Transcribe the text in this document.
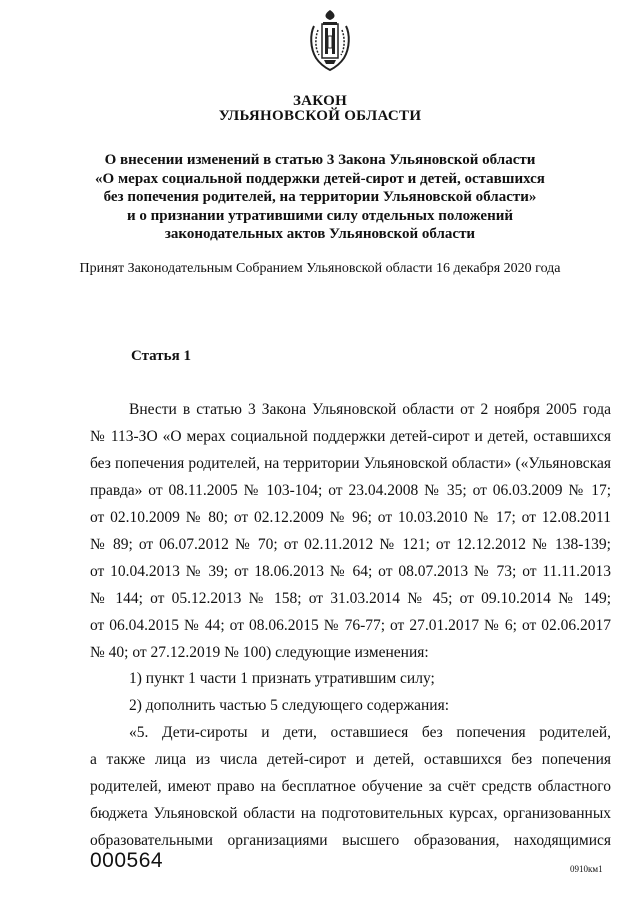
ЗАКОН
УЛЬЯНОВСКОЙ ОБЛАСТИ
О внесении изменений в статью 3 Закона Ульяновской области
«О мерах социальной поддержки детей-сирот и детей, оставшихся
без попечения родителей, на территории Ульяновской области»
и о признании утратившими силу отдельных положений
законодательных актов Ульяновской области
Принят Законодательным Собранием Ульяновской области 16 декабря 2020 года
Статья 1
Внести в статью 3 Закона Ульяновской области от 2 ноября 2005 года
№ 113-ЗО «О мерах социальной поддержки детей-сирот и детей, оставшихся
без попечения родителей, на территории Ульяновской области» («Ульяновская
правда» от 08.11.2005 № 103-104; от 23.04.2008 № 35; от 06.03.2009 № 17;
от 02.10.2009 № 80; от 02.12.2009 № 96; от 10.03.2010 № 17; от 12.08.2011
№ 89; от 06.07.2012 № 70; от 02.11.2012 № 121; от 12.12.2012 № 138-139;
от 10.04.2013 № 39; от 18.06.2013 № 64; от 08.07.2013 № 73; от 11.11.2013
№ 144; от 05.12.2013 № 158; от 31.03.2014 № 45; от 09.10.2014 № 149;
от 06.04.2015 № 44; от 08.06.2015 № 76-77; от 27.01.2017 № 6; от 02.06.2017
№ 40; от 27.12.2019 № 100) следующие изменения:
1) пункт 1 части 1 признать утратившим силу;
2) дополнить частью 5 следующего содержания:
«5. Дети-сироты и дети, оставшиеся без попечения родителей,
а также лица из числа детей-сирот и детей, оставшихся без попечения
родителей, имеют право на бесплатное обучение за счёт средств областного
бюджета Ульяновской области на подготовительных курсах, организованных
образовательными организациями высшего образования, находящимися
000564	0910км1
